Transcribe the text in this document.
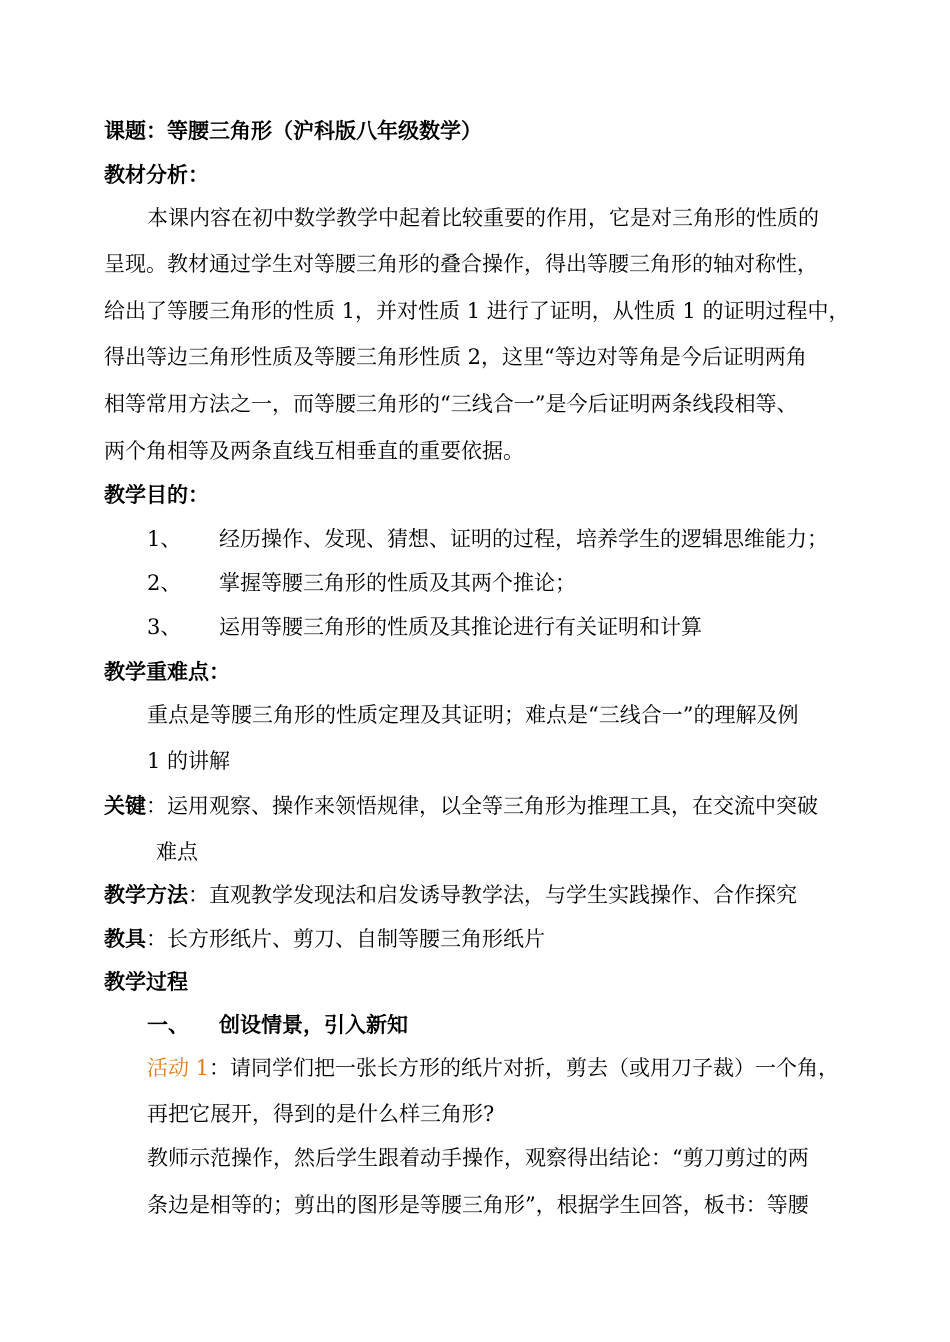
课题：等腰三角形（沪科版八年级数学）
教材分析：
本课内容在初中数学教学中起着比较重要的作用，它是对三角形的性质的
呈现。教材通过学生对等腰三角形的叠合操作，得出等腰三角形的轴对称性，
给出了等腰三角形的性质 1，并对性质 1 进行了证明，从性质 1 的证明过程中，
得出等边三角形性质及等腰三角形性质 2，这里“等边对等角是今后证明两角
相等常用方法之一，而等腰三角形的“三线合一”是今后证明两条线段相等、
两个角相等及两条直线互相垂直的重要依据。
教学目的：
1、 经历操作、发现、猜想、证明的过程，培养学生的逻辑思维能力；
2、 掌握等腰三角形的性质及其两个推论；
3、 运用等腰三角形的性质及其推论进行有关证明和计算
教学重难点：
重点是等腰三角形的性质定理及其证明；难点是“三线合一”的理解及例
1 的讲解
关键：运用观察、操作来领悟规律，以全等三角形为推理工具，在交流中突破
难点
教学方法：直观教学发现法和启发诱导教学法，与学生实践操作、合作探究
教具：长方形纸片、剪刀、自制等腰三角形纸片
教学过程
一、 创设情景，引入新知
活动 1：请同学们把一张长方形的纸片对折，剪去（或用刀子裁）一个角，
再把它展开，得到的是什么样三角形?
教师示范操作，然后学生跟着动手操作，观察得出结论：“剪刀剪过的两
条边是相等的；剪出的图形是等腰三角形”，根据学生回答，板书：等腰
